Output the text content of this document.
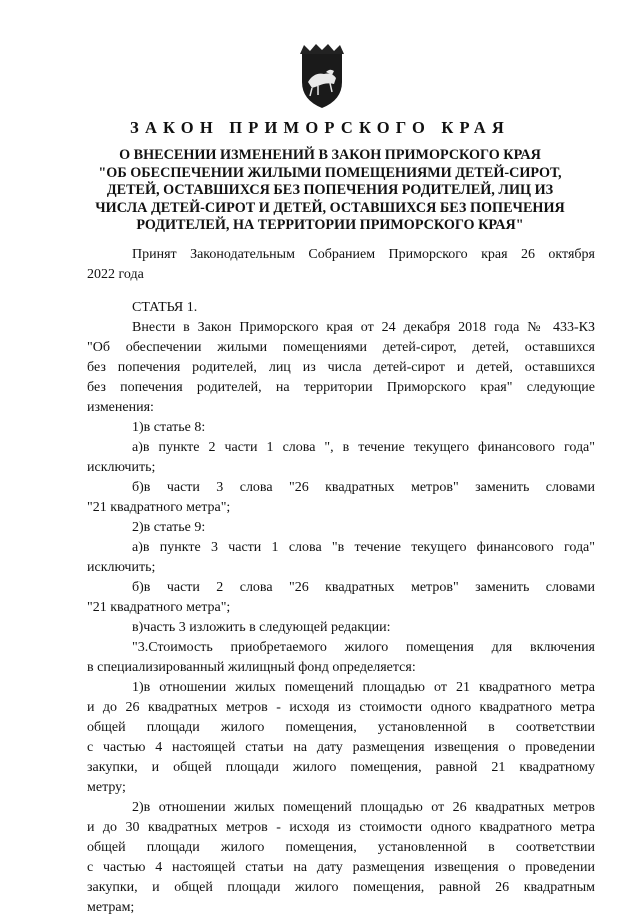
ЗАКОН ПРИМОРСКОГО КРАЯ
О ВНЕСЕНИИ ИЗМЕНЕНИЙ В ЗАКОН ПРИМОРСКОГО КРАЯ
"ОБ ОБЕСПЕЧЕНИИ ЖИЛЫМИ ПОМЕЩЕНИЯМИ ДЕТЕЙ-СИРОТ,
ДЕТЕЙ, ОСТАВШИХСЯ БЕЗ ПОПЕЧЕНИЯ РОДИТЕЛЕЙ, ЛИЦ ИЗ
ЧИСЛА ДЕТЕЙ-СИРОТ И ДЕТЕЙ, ОСТАВШИХСЯ БЕЗ ПОПЕЧЕНИЯ
РОДИТЕЛЕЙ, НА ТЕРРИТОРИИ ПРИМОРСКОГО КРАЯ"
Принят Законодательным Собранием Приморского края 26 октября
2022 года
СТАТЬЯ 1.
Внести в Закон Приморского края от 24 декабря 2018 года № 433-КЗ
"Об обеспечении жилыми помещениями детей-сирот, детей, оставшихся
без попечения родителей, лиц из числа детей-сирот и детей, оставшихся
без попечения родителей, на территории Приморского края" следующие
изменения:
1)в статье 8:
а)в пункте 2 части 1 слова ", в течение текущего финансового года"
исключить;
б)в части 3 слова "26 квадратных метров" заменить словами
"21 квадратного метра";
2)в статье 9:
а)в пункте 3 части 1 слова "в течение текущего финансового года"
исключить;
б)в части 2 слова "26 квадратных метров" заменить словами
"21 квадратного метра";
в)часть 3 изложить в следующей редакции:
"3.Стоимость приобретаемого жилого помещения для включения
в специализированный жилищный фонд определяется:
1)в отношении жилых помещений площадью от 21 квадратного метра
и до 26 квадратных метров - исходя из стоимости одного квадратного метра
общей площади жилого помещения, установленной в соответствии
с частью 4 настоящей статьи на дату размещения извещения о проведении
закупки, и общей площади жилого помещения, равной 21 квадратному
метру;
2)в отношении жилых помещений площадью от 26 квадратных метров
и до 30 квадратных метров - исходя из стоимости одного квадратного метра
общей площади жилого помещения, установленной в соответствии
с частью 4 настоящей статьи на дату размещения извещения о проведении
закупки, и общей площади жилого помещения, равной 26 квадратным
метрам;
